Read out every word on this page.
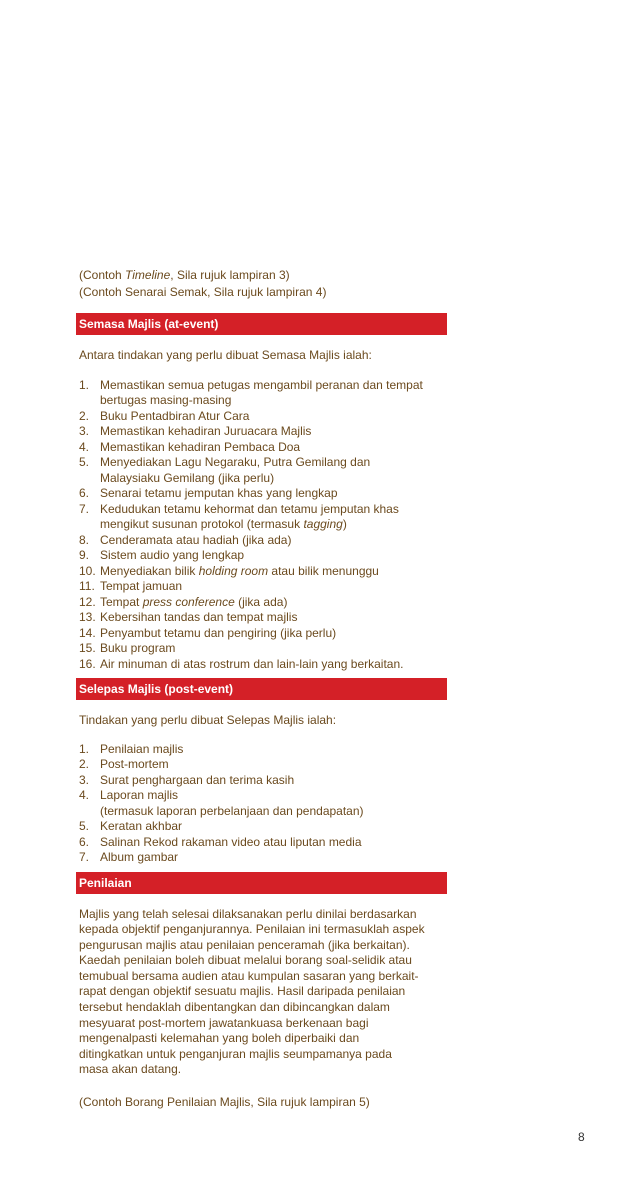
(Contoh Timeline, Sila rujuk lampiran 3)

(Contoh Senarai Semak, Sila rujuk lampiran 4)

Semasa Majlis (at-event)

Antara tindakan yang perlu dibuat Semasa Majlis ialah:

1. Memastikan semua petugas mengambil peranan dan tempat
bertugas masing-masing
2. Buku Pentadbiran Atur Cara
3. Memastikan kehadiran Juruacara Majlis
4. Memastikan kehadiran Pembaca Doa
5. Menyediakan Lagu Negaraku, Putra Gemilang dan
Malaysiaku Gemilang (jika perlu)
6. Senarai tetamu jemputan khas yang lengkap
7. Kedudukan tetamu kehormat dan tetamu jemputan khas
mengikut susunan protokol (termasuk tagging)
8. Cenderamata atau hadiah (jika ada)
9. Sistem audio yang lengkap
10. Menyediakan bilik holding room atau bilik menunggu
11. Tempat jamuan
12. Tempat press conference (jika ada)
13. Kebersihan tandas dan tempat majlis
14. Penyambut tetamu dan pengiring (jika perlu)
15. Buku program
16. Air minuman di atas rostrum dan lain-lain yang berkaitan.
Selepas Majlis (post-event)

Tindakan yang perlu dibuat Selepas Majlis ialah:

1. Penilaian majlis
2. Post-mortem
3. Surat penghargaan dan terima kasih
4. Laporan majlis
(termasuk laporan perbelanjaan dan pendapatan)
5. Keratan akhbar
6. Salinan Rekod rakaman video atau liputan media
7. Album gambar
Penilaian

Majlis yang telah selesai dilaksanakan perlu dinilai berdasarkan

kepada objektif penganjurannya. Penilaian ini termasuklah aspek

pengurusan majlis atau penilaian penceramah (jika berkaitan).

Kaedah penilaian boleh dibuat melalui borang soal-selidik atau

temubual bersama audien atau kumpulan sasaran yang berkait-

rapat dengan objektif sesuatu majlis. Hasil daripada penilaian

tersebut hendaklah dibentangkan dan dibincangkan dalam

mesyuarat post-mortem jawatankuasa berkenaan bagi

mengenalpasti kelemahan yang boleh diperbaiki dan

ditingkatkan untuk penganjuran majlis seumpamanya pada

masa akan datang.

(Contoh Borang Penilaian Majlis, Sila rujuk lampiran 5)

8
